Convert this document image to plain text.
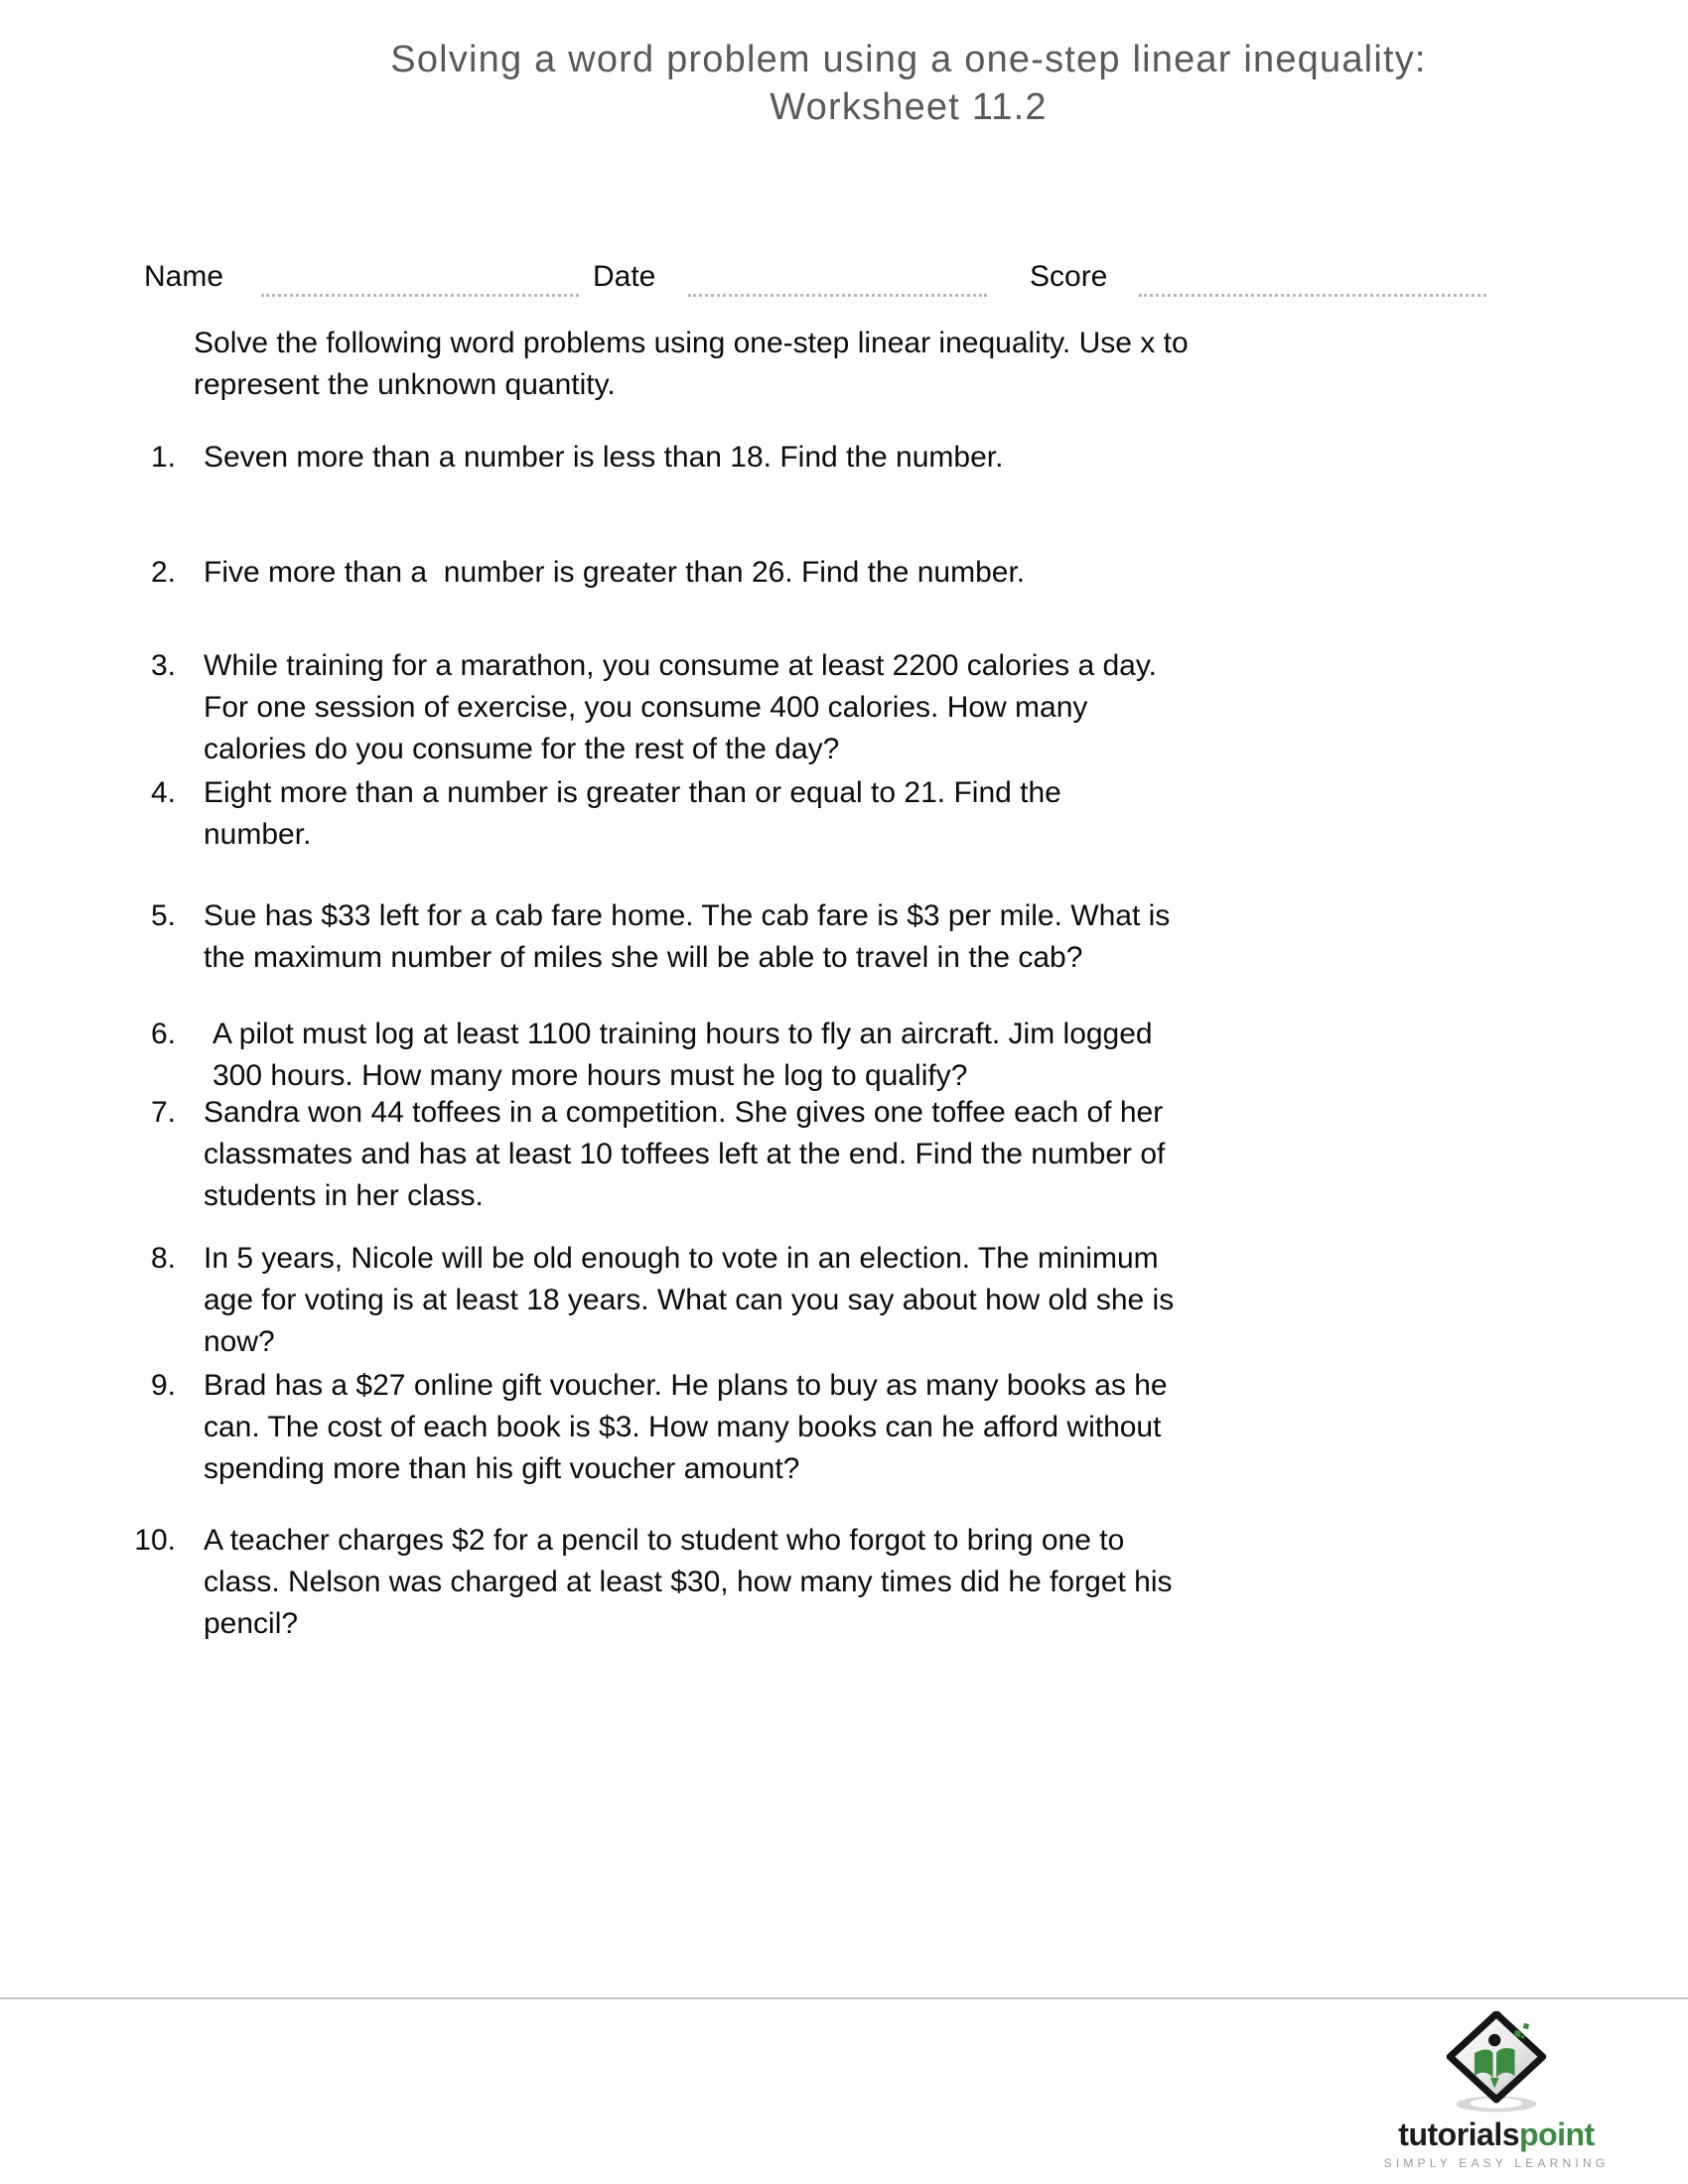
Solving a word problem using a one-step linear inequality:
Worksheet 11.2
Name	Date	Score
Solve the following word problems using one-step linear inequality. Use x to
represent the unknown quantity.
1. Seven more than a number is less than 18. Find the number.
2. Five more than a  number is greater than 26. Find the number.
3. While training for a marathon, you consume at least 2200 calories a day.
For one session of exercise, you consume 400 calories. How many
calories do you consume for the rest of the day?
4. Eight more than a number is greater than or equal to 21. Find the
number.
5. Sue has $33 left for a cab fare home. The cab fare is $3 per mile. What is
the maximum number of miles she will be able to travel in the cab?
6. A pilot must log at least 1100 training hours to fly an aircraft. Jim logged
300 hours. How many more hours must he log to qualify?
7. Sandra won 44 toffees in a competition. She gives one toffee each of her
classmates and has at least 10 toffees left at the end. Find the number of
students in her class.
8. In 5 years, Nicole will be old enough to vote in an election. The minimum
age for voting is at least 18 years. What can you say about how old she is
now?
9. Brad has a $27 online gift voucher. He plans to buy as many books as he
can. The cost of each book is $3. How many books can he afford without
spending more than his gift voucher amount?
10. A teacher charges $2 for a pencil to student who forgot to bring one to
class. Nelson was charged at least $30, how many times did he forget his
pencil?
tutorialspoint
SIMPLY EASY LEARNING
